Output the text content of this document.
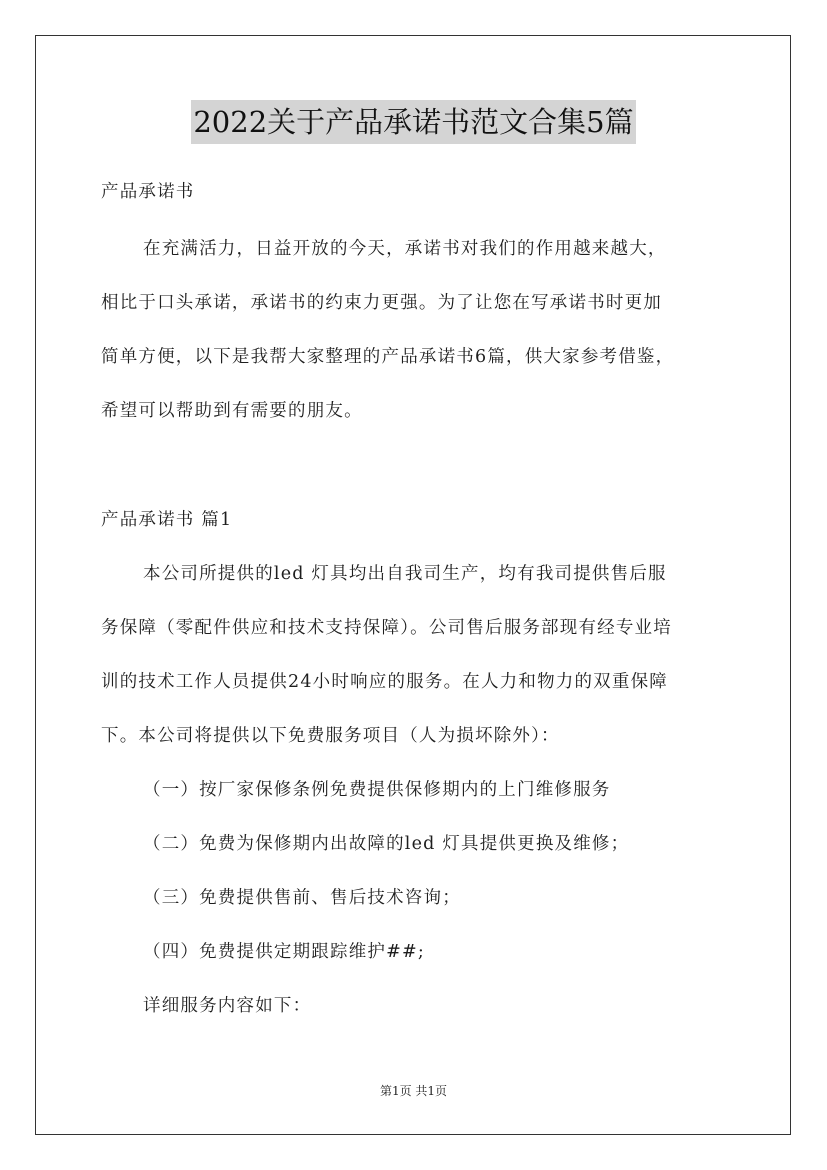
2022关于产品承诺书范文合集5篇
产品承诺书
在充满活力，日益开放的今天，承诺书对我们的作用越来越大，
相比于口头承诺，承诺书的约束力更强。为了让您在写承诺书时更加
简单方便，以下是我帮大家整理的产品承诺书6篇，供大家参考借鉴，
希望可以帮助到有需要的朋友。
产品承诺书 篇1
本公司所提供的led 灯具均出自我司生产，均有我司提供售后服
务保障（零配件供应和技术支持保障）。公司售后服务部现有经专业培
训的技术工作人员提供24小时响应的服务。在人力和物力的双重保障
下。本公司将提供以下免费服务项目（人为损坏除外）：
（一）按厂家保修条例免费提供保修期内的上门维修服务
（二）免费为保修期内出故障的led 灯具提供更换及维修；
（三）免费提供售前、售后技术咨询；
（四）免费提供定期跟踪维护##;
详细服务内容如下：
第1页 共1页
